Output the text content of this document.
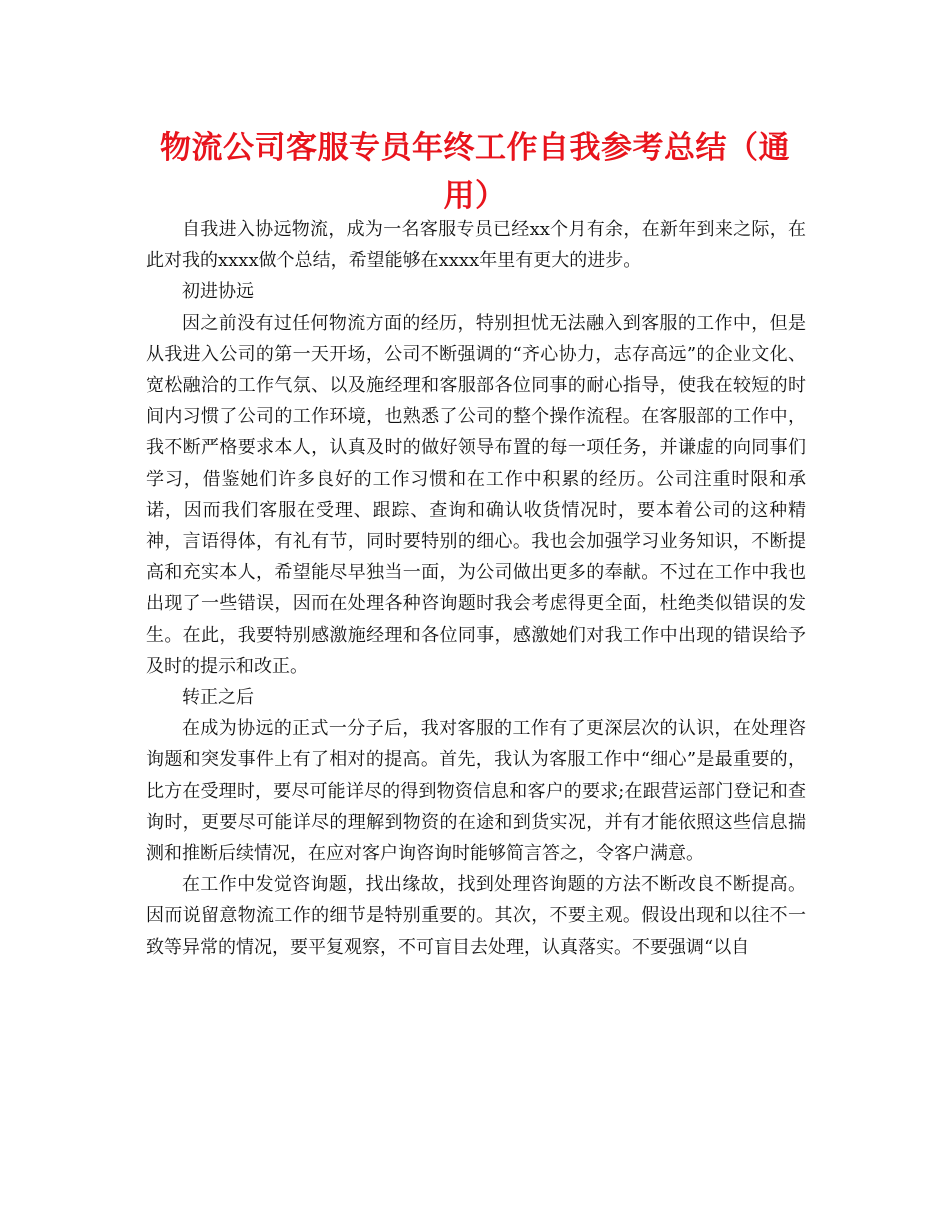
物流公司客服专员年终工作自我参考总结（通用）

自我进入协远物流，成为一名客服专员已经xx个月有余，在新年到来之际，在此对我的xxxx做个总结，希望能够在xxxx年里有更大的进步。

初进协远

因之前没有过任何物流方面的经历，特别担忧无法融入到客服的工作中，但是从我进入公司的第一天开场，公司不断强调的“齐心协力，志存高远”的企业文化、宽松融洽的工作气氛、以及施经理和客服部各位同事的耐心指导，使我在较短的时间内习惯了公司的工作环境，也熟悉了公司的整个操作流程。在客服部的工作中，我不断严格要求本人，认真及时的做好领导布置的每一项任务，并谦虚的向同事们学习，借鉴她们许多良好的工作习惯和在工作中积累的经历。公司注重时限和承诺，因而我们客服在受理、跟踪、查询和确认收货情况时，要本着公司的这种精神，言语得体，有礼有节，同时要特别的细心。我也会加强学习业务知识，不断提高和充实本人，希望能尽早独当一面，为公司做出更多的奉献。不过在工作中我也出现了一些错误，因而在处理各种咨询题时我会考虑得更全面，杜绝类似错误的发生。在此，我要特别感激施经理和各位同事，感激她们对我工作中出现的错误给予及时的提示和改正。

转正之后

在成为协远的正式一分子后，我对客服的工作有了更深层次的认识，在处理咨询题和突发事件上有了相对的提高。首先，我认为客服工作中“细心”是最重要的，比方在受理时，要尽可能详尽的得到物资信息和客户的要求;在跟营运部门登记和查询时，更要尽可能详尽的理解到物资的在途和到货实况，并有才能依照这些信息揣测和推断后续情况，在应对客户询咨询时能够简言答之，令客户满意。

在工作中发觉咨询题，找出缘故，找到处理咨询题的方法不断改良不断提高。因而说留意物流工作的细节是特别重要的。其次，不要主观。假设出现和以往不一致等异常的情况，要平复观察，不可盲目去处理，认真落实。不要强调“以自
